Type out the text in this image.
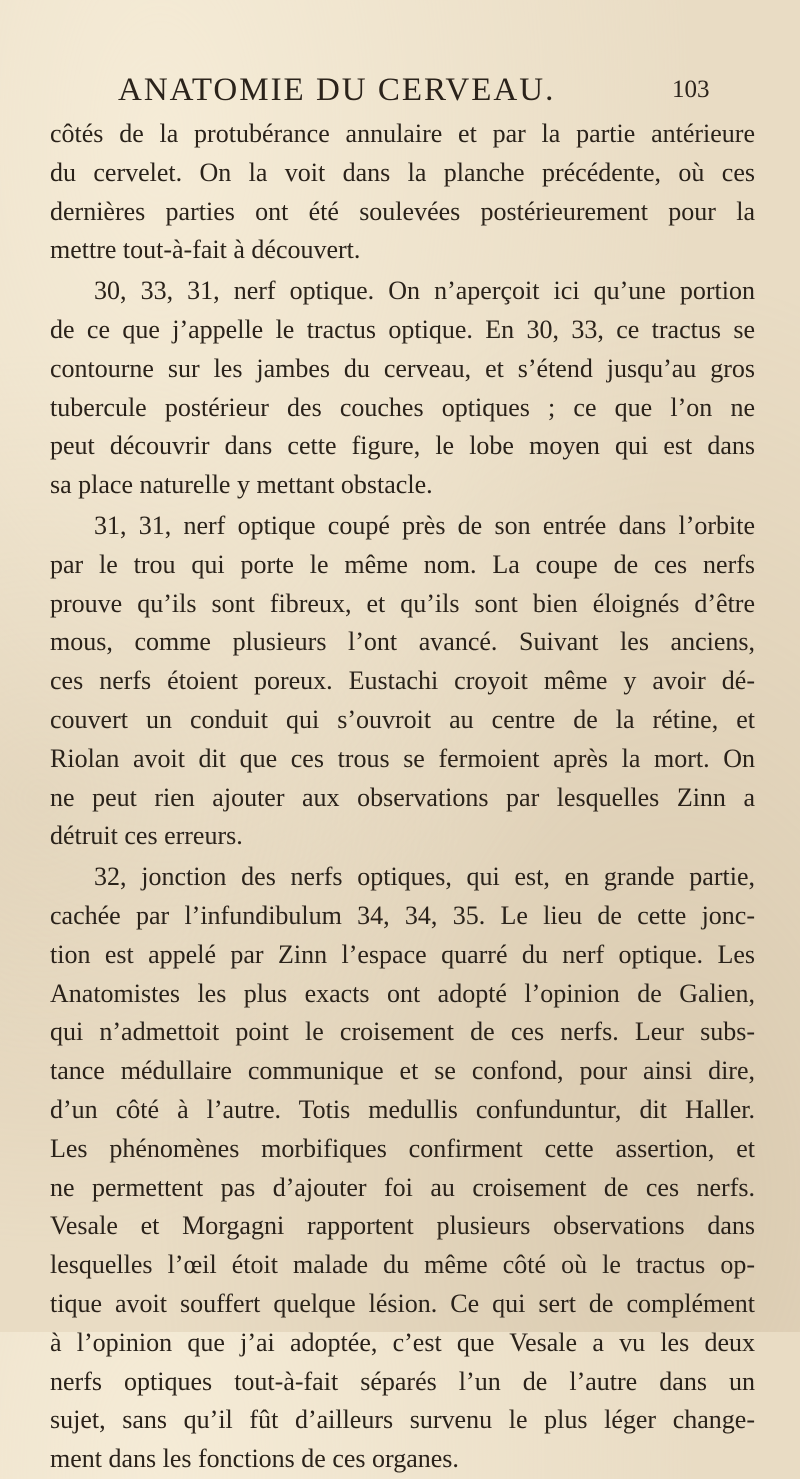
ANATOMIE DU CERVEAU.	103
côtés de la protubérance annulaire et par la partie antérieure
du cervelet. On la voit dans la planche précédente, où ces
dernières parties ont été soulevées postérieurement pour la
mettre tout-à-fait à découvert.
30, 33, 31, nerf optique. On n’aperçoit ici qu’une portion
de ce que j’appelle le tractus optique. En 30, 33, ce tractus se
contourne sur les jambes du cerveau, et s’étend jusqu’au gros
tubercule postérieur des couches optiques ; ce que l’on ne
peut découvrir dans cette figure, le lobe moyen qui est dans
sa place naturelle y mettant obstacle.
31, 31, nerf optique coupé près de son entrée dans l’orbite
par le trou qui porte le même nom. La coupe de ces nerfs
prouve qu’ils sont fibreux, et qu’ils sont bien éloignés d’être
mous, comme plusieurs l’ont avancé. Suivant les anciens,
ces nerfs étoient poreux. Eustachi croyoit même y avoir dé-
couvert un conduit qui s’ouvroit au centre de la rétine, et
Riolan avoit dit que ces trous se fermoient après la mort. On
ne peut rien ajouter aux observations par lesquelles Zinn a
détruit ces erreurs.
32, jonction des nerfs optiques, qui est, en grande partie,
cachée par l’infundibulum 34, 34, 35. Le lieu de cette jonc-
tion est appelé par Zinn l’espace quarré du nerf optique. Les
Anatomistes les plus exacts ont adopté l’opinion de Galien,
qui n’admettoit point le croisement de ces nerfs. Leur subs-
tance médullaire communique et se confond, pour ainsi dire,
d’un côté à l’autre. Totis medullis confunduntur, dit Haller.
Les phénomènes morbifiques confirment cette assertion, et
ne permettent pas d’ajouter foi au croisement de ces nerfs.
Vesale et Morgagni rapportent plusieurs observations dans
lesquelles l’œil étoit malade du même côté où le tractus op-
tique avoit souffert quelque lésion. Ce qui sert de complément
à l’opinion que j’ai adoptée, c’est que Vesale a vu les deux
nerfs optiques tout-à-fait séparés l’un de l’autre dans un
sujet, sans qu’il fût d’ailleurs survenu le plus léger change-
ment dans les fonctions de ces organes.
